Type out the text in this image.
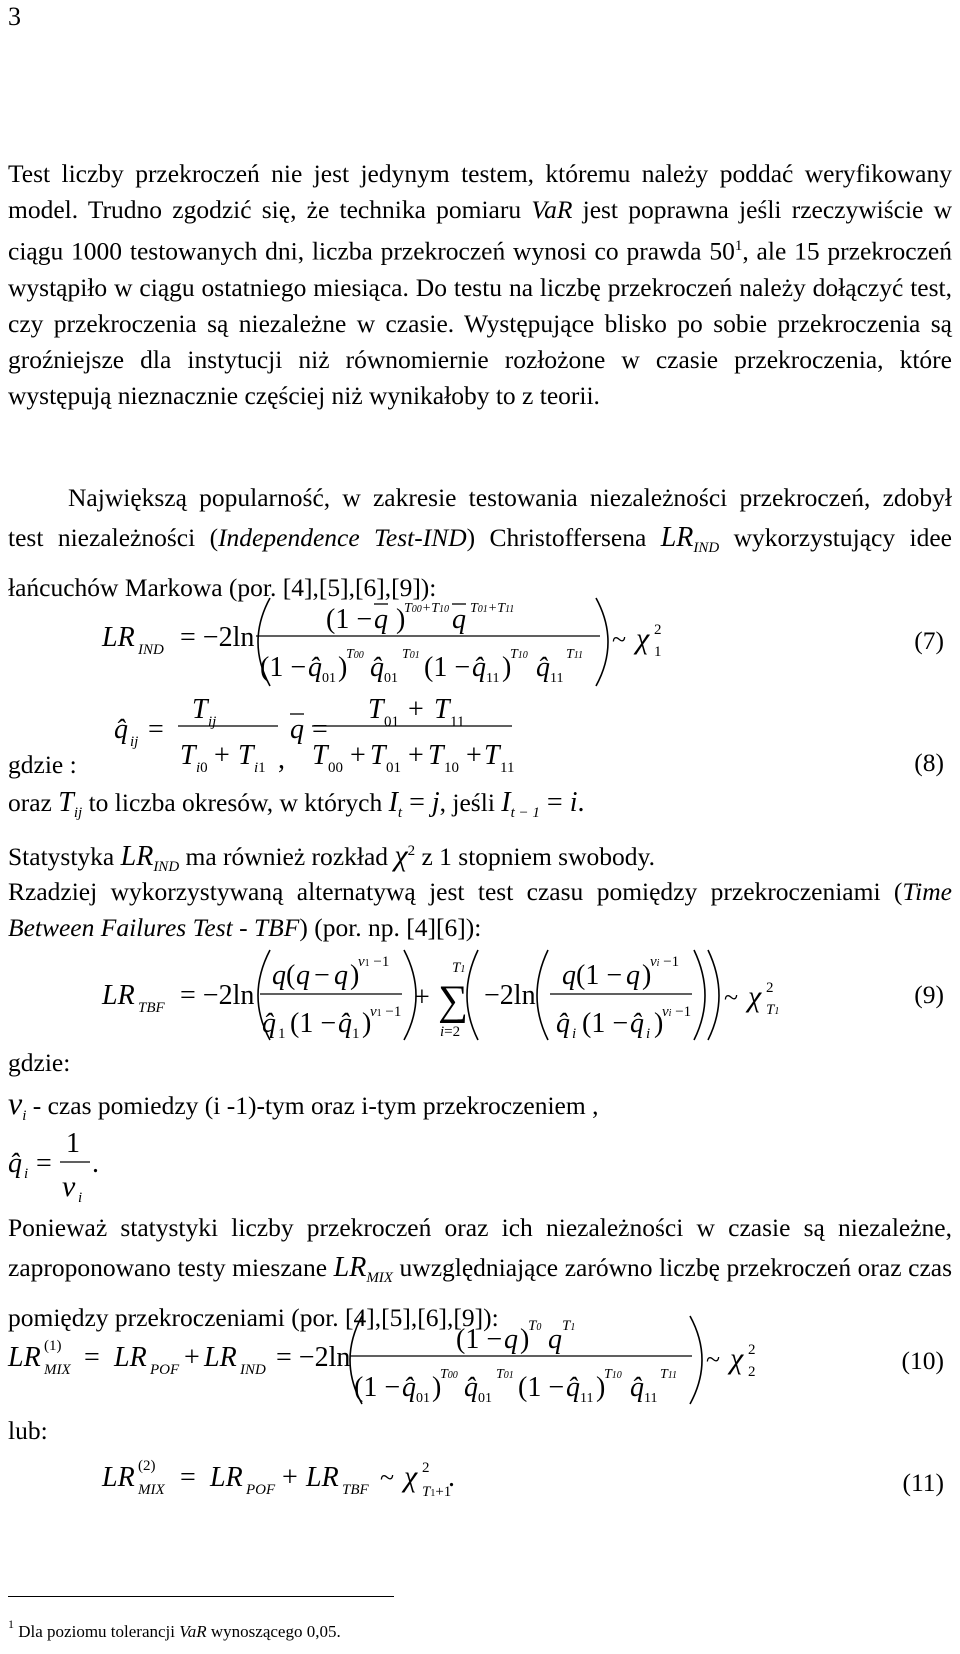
3
Test liczby przekroczeń nie jest jedynym testem, któremu należy poddać weryfikowany model. Trudno zgodzić się, że technika pomiaru VaR jest poprawna jeśli rzeczywiście w ciągu 1000 testowanych dni, liczba przekroczeń wynosi co prawda $50^1$, ale 15 przekroczeń wystąpiło w ciągu ostatniego miesiąca. Do testu na liczbę przekroczeń należy dołączyć test, czy przekroczenia są niezależne w czasie. Występujące blisko po sobie przekroczenia są groźniejsze dla instytucji niż równomiernie rozłożone w czasie przekroczenia, które występują nieznacznie częściej niż wynikałoby to z teorii.
Największą popularność, w zakresie testowania niezależności przekroczeń, zdobył test niezależności (Independence Test-IND) Christoffersena $LR_{IND}$ wykorzystujący idee łańcuchów Markowa (por. [4],[5],[6],[9]):
LR IND = −2ln
(1 − q )
T00+T10 q T01+T11
(1 − q̂ 01 )
T00 q̂ 01
T01 (1 − q̂ 11 )
T10 q̂ 11
T11
~ χ 2
1
q̂ ij =
T ij
T i0 + T i1 ,
q =
T 01 + T 11
T 00 + T 01 + T 10 + T 11
(7)
gdzie :	(8)
oraz $T_{ij}$ to liczba okresów, w których $I_t = j$, jeśli $I_{t - 1} = i$.
Statystyka $LR_{IND}$ ma również rozkład $\chi^2$ z 1 stopniem swobody.
Rzadziej wykorzystywaną alternatywą jest test czasu pomiędzy przekroczeniami (Time Between Failures Test - TBF) (por. np. [4][6]):
LR TBF = −2ln
q ( q − q )
v1 −1
q̂ 1 (1 − q̂ 1 )
v1 −1 + ∑
T1
i=2
−2ln
q (1 − q )
vi −1
q̂ i (1 − q̂ i )
vi −1 ~ χ 2
T1
(9)
gdzie:
$\nu_i$ - czas pomiedzy (i -1)-tym oraz i-tym przekroczeniem ,
q̂ i =
1
ν i
.
Ponieważ statystyki liczby przekroczeń oraz ich niezależności w czasie są niezależne, zaproponowano testy mieszane $LR_{MIX}$ uwzględniające zarówno liczbę przekroczeń oraz czas pomiędzy przekroczeniami (por. [4],[5],[6],[9]):
LR (1)
MIX = LR POF + LR IND = −2ln
(1 − q )
T0 q T1
(1 − q̂ 01 )
T00 q̂ 01
T01 (1 − q̂ 11 )
T10 q̂ 11
T11
~ χ 2
2	(10)
lub:
LR (2)
MIX = LR POF + LR TBF ~ χ 2
T1+1
.	(11)
$^1$ Dla poziomu tolerancji VaR wynoszącego 0,05.
